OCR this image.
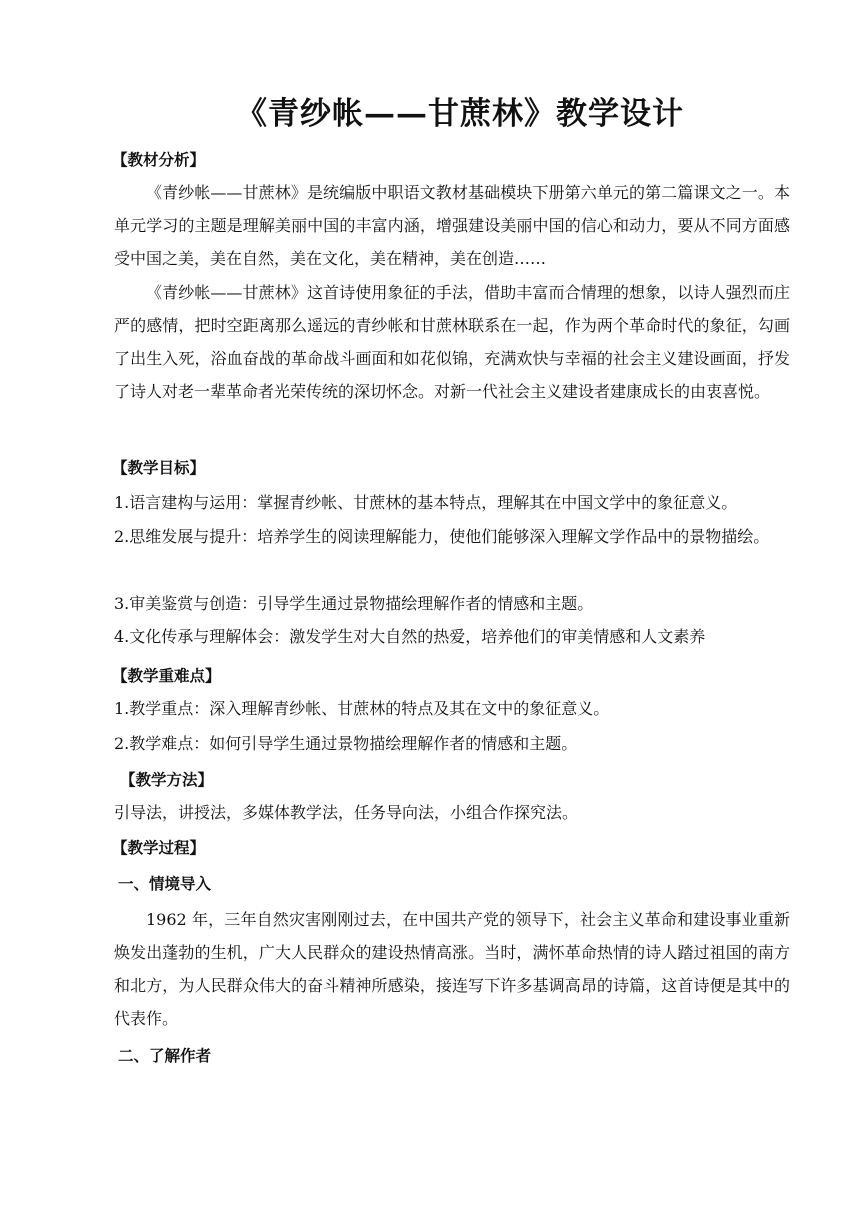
《青纱帐——甘蔗林》教学设计
【教材分析】

《青纱帐——甘蔗林》是统编版中职语文教材基础模块下册第六单元的第二篇课文之一。本单元学习的主题是理解美丽中国的丰富内涵，增强建设美丽中国的信心和动力，要从不同方面感受中国之美，美在自然，美在文化，美在精神，美在创造……

《青纱帐——甘蔗林》这首诗使用象征的手法，借助丰富而合情理的想象，以诗人强烈而庄严的感情，把时空距离那么遥远的青纱帐和甘蔗林联系在一起，作为两个革命时代的象征，勾画了出生入死，浴血奋战的革命战斗画面和如花似锦，充满欢快与幸福的社会主义建设画面，抒发了诗人对老一辈革命者光荣传统的深切怀念。对新一代社会主义建设者建康成长的由衷喜悦。

【教学目标】

1.语言建构与运用：掌握青纱帐、甘蔗林的基本特点，理解其在中国文学中的象征意义。

2.思维发展与提升：培养学生的阅读理解能力，使他们能够深入理解文学作品中的景物描绘。

3.审美鉴赏与创造：引导学生通过景物描绘理解作者的情感和主题。

4.文化传承与理解体会：激发学生对大自然的热爱，培养他们的审美情感和人文素养

【教学重难点】

1.教学重点：深入理解青纱帐、甘蔗林的特点及其在文中的象征意义。

2.教学难点：如何引导学生通过景物描绘理解作者的情感和主题。

【教学方法】

引导法，讲授法，多媒体教学法，任务导向法，小组合作探究法。

【教学过程】
一、情境导入

1962 年，三年自然灾害刚刚过去，在中国共产党的领导下，社会主义革命和建设事业重新焕发出蓬勃的生机，广大人民群众的建设热情高涨。当时，满怀革命热情的诗人踏过祖国的南方和北方，为人民群众伟大的奋斗精神所感染，接连写下许多基调高昂的诗篇，这首诗便是其中的代表作。

二、了解作者
